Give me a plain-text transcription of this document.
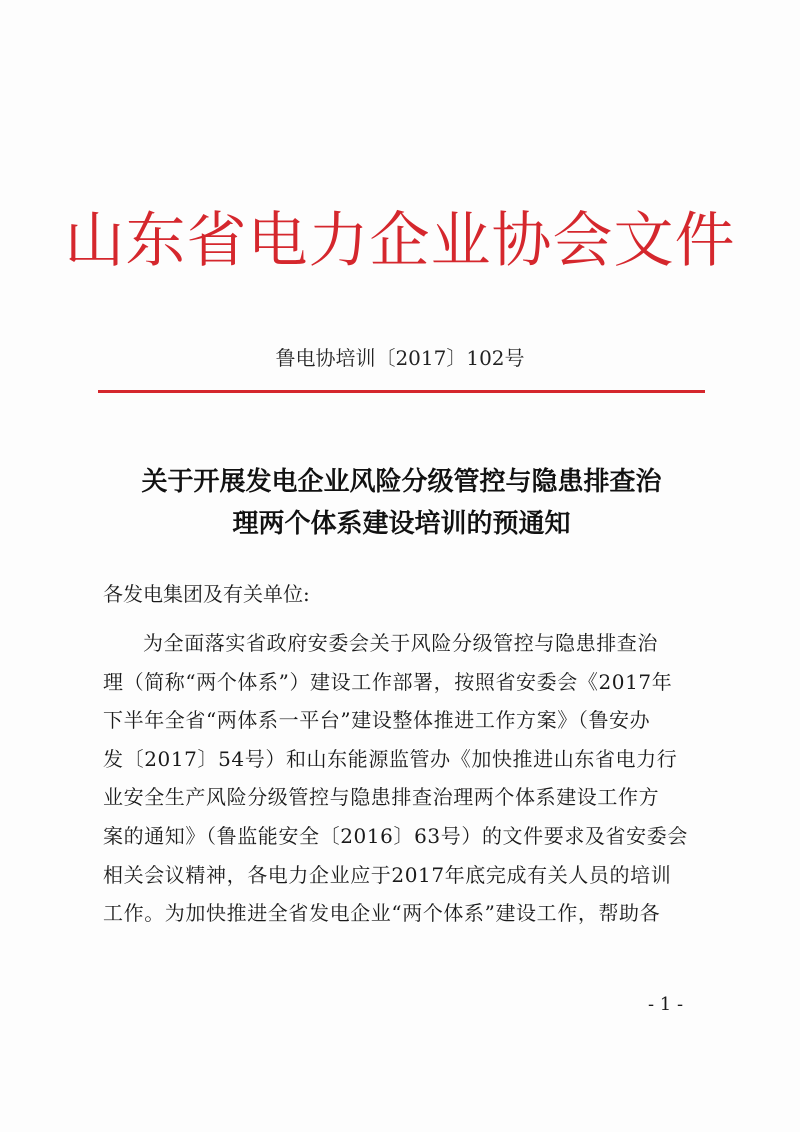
山东省电力企业协会文件
鲁电协培训〔2017〕102号
关于开展发电企业风险分级管控与隐患排查治
理两个体系建设培训的预通知
各发电集团及有关单位:
为全面落实省政府安委会关于风险分级管控与隐患排查治
理（简称“两个体系”）建设工作部署，按照省安委会《2017年
下半年全省“两体系一平台”建设整体推进工作方案》（鲁安办
发〔2017〕54号）和山东能源监管办《加快推进山东省电力行
业安全生产风险分级管控与隐患排查治理两个体系建设工作方
案的通知》（鲁监能安全〔2016〕63号）的文件要求及省安委会
相关会议精神，各电力企业应于2017年底完成有关人员的培训
工作。为加快推进全省发电企业“两个体系”建设工作，帮助各
- 1 -
